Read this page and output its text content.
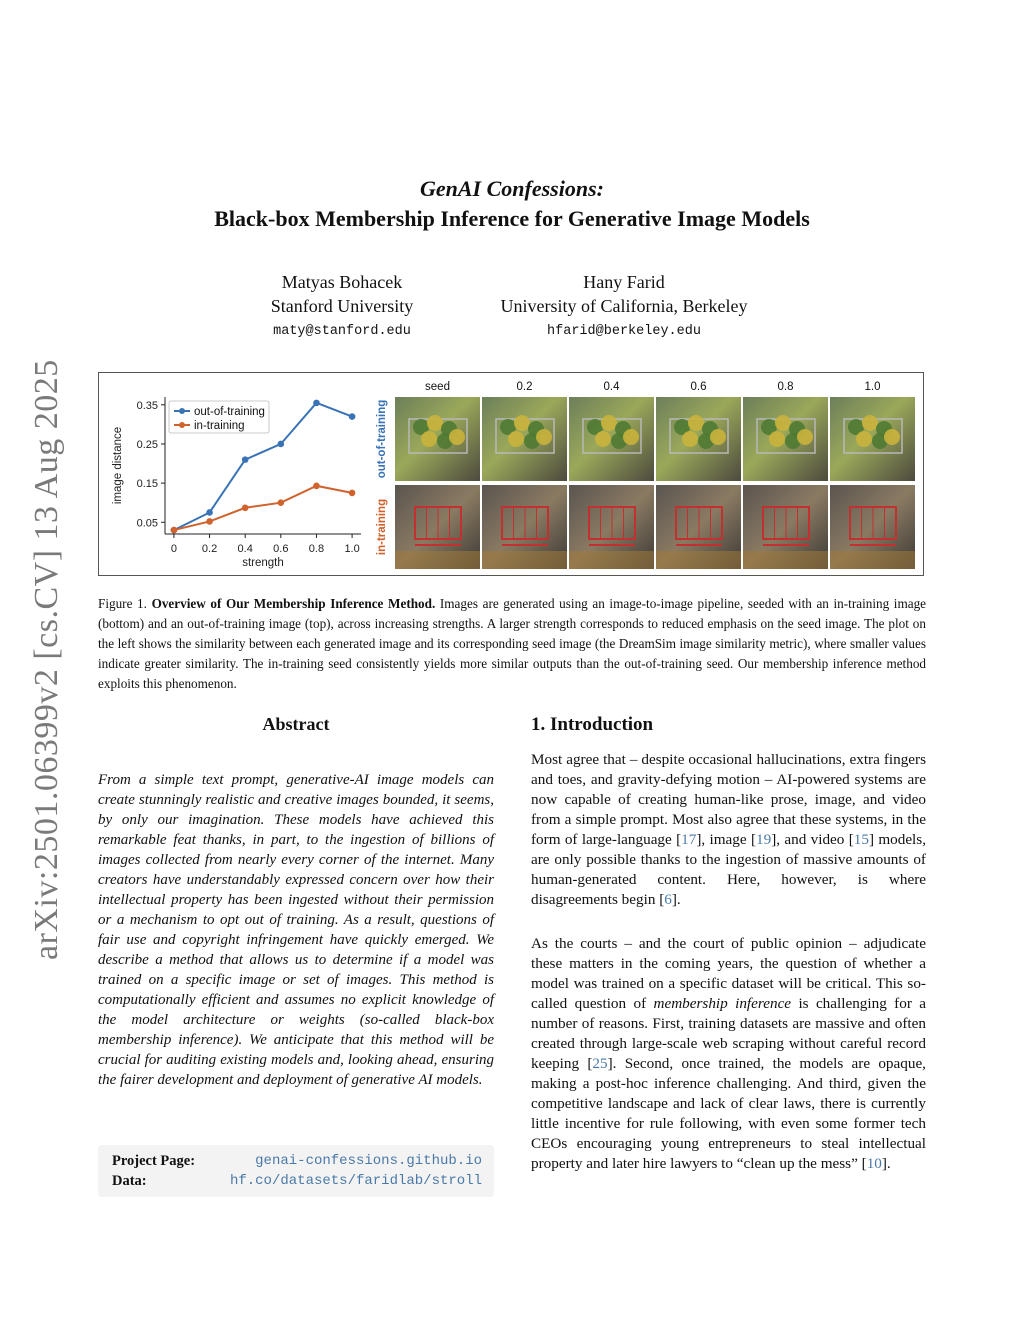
arXiv:2501.06399v2 [cs.CV] 13 Aug 2025
GenAI Confessions:
Black-box Membership Inference for Generative Image Models
Matyas Bohacek
Stanford University
maty@stanford.edu
Hany Farid
University of California, Berkeley
hfarid@berkeley.edu
0.05
0.15
0.25
0.35
0 0.2 0.4 0.6 0.8 1.0
strength
image distance
out-of-training
in-training
seed	0.2	0.4	0.6	0.8	1.0
out-of-training
in-training
Figure 1. Overview of Our Membership Inference Method. Images are generated using an image-to-image pipeline, seeded with an in-training image (bottom) and an out-of-training image (top), across increasing strengths. A larger strength corresponds to reduced emphasis on the seed image. The plot on the left shows the similarity between each generated image and its corresponding seed image (the DreamSim image similarity metric), where smaller values indicate greater similarity. The in-training seed consistently yields more similar outputs than the out-of-training seed. Our membership inference method exploits this phenomenon.
Abstract
From a simple text prompt, generative-AI image models can create stunningly realistic and creative images bounded, it seems, by only our imagination. These models have achieved this remarkable feat thanks, in part, to the ingestion of billions of images collected from nearly every corner of the internet. Many creators have understandably expressed concern over how their intellectual property has been ingested without their permission or a mechanism to opt out of training. As a result, questions of fair use and copyright infringement have quickly emerged. We describe a method that allows us to determine if a model was trained on a specific image or set of images. This method is computationally efficient and assumes no explicit knowledge of the model architecture or weights (so-called black-box membership inference). We anticipate that this method will be crucial for auditing existing models and, looking ahead, ensuring the fairer development and deployment of generative AI models.
Project Page:	genai-confessions.github.io
Data:	hf.co/datasets/faridlab/stroll
1. Introduction
Most agree that – despite occasional hallucinations, extra fingers and toes, and gravity-defying motion – AI-powered systems are now capable of creating human-like prose, image, and video from a simple prompt. Most also agree that these systems, in the form of large-language [17], image [19], and video [15] models, are only possible thanks to the ingestion of massive amounts of human-generated content. Here, however, is where disagreements begin [6].
As the courts – and the court of public opinion – adjudicate these matters in the coming years, the question of whether a model was trained on a specific dataset will be critical. This so-called question of membership inference is challenging for a number of reasons. First, training datasets are massive and often created through large-scale web scraping without careful record keeping [25]. Second, once trained, the models are opaque, making a post-hoc inference challenging. And third, given the competitive landscape and lack of clear laws, there is currently little incentive for rule following, with even some former tech CEOs encouraging young entrepreneurs to steal intellectual property and later hire lawyers to “clean up the mess” [10].
